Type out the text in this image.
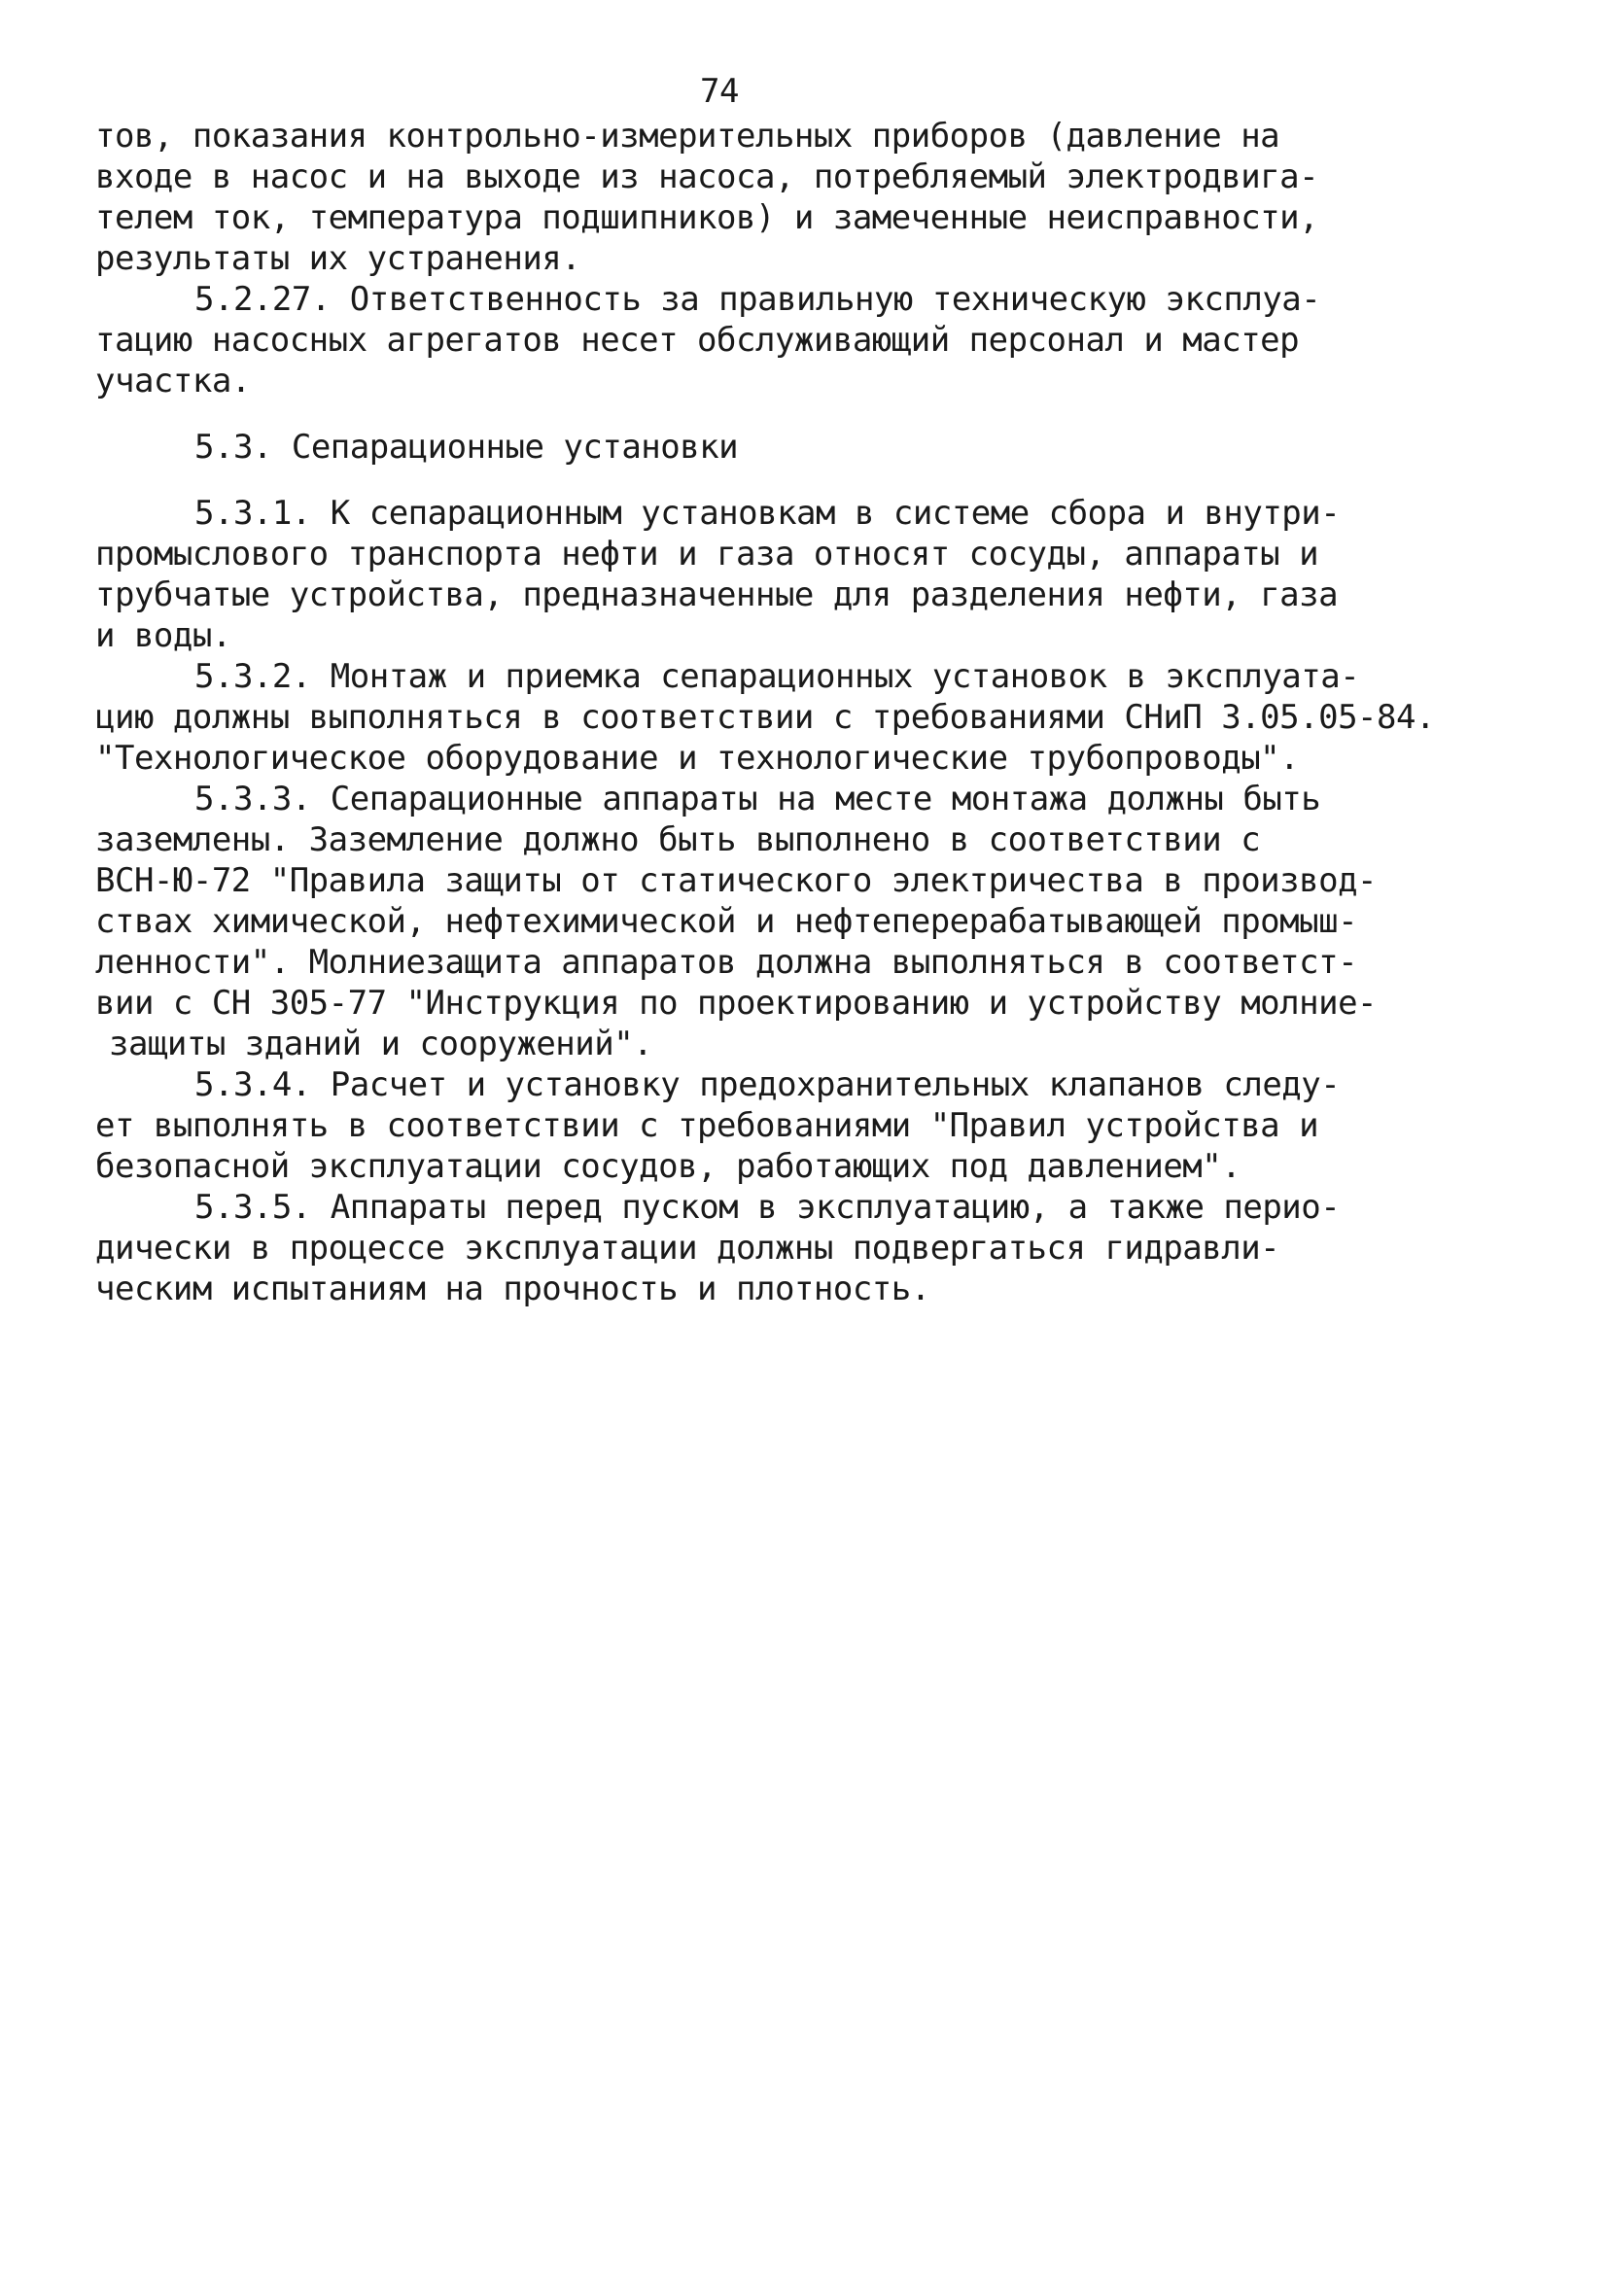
74
тов, показания контрольно-измерительных приборов (давление на
входе в насос и на выходе из насоса, потребляемый электродвига-
телем ток, температура подшипников) и замеченные неисправности,
результаты их устранения.
5.2.27. Ответственность за правильную техническую эксплуа-
тацию насосных агрегатов несет обслуживающий персонал и мастер
участка.
5.3. Сепарационные установки
5.3.1. К сепарационным установкам в системе сбора и внутри-
промыслового транспорта нефти и газа относят сосуды, аппараты и
трубчатые устройства, предназначенные для разделения нефти, газа
и воды.
5.3.2. Монтаж и приемка сепарационных установок в эксплуата-
цию должны выполняться в соответствии с требованиями СНиП 3.05.05-84.
"Технологическое оборудование и технологические трубопроводы".
5.3.3. Сепарационные аппараты на месте монтажа должны быть
заземлены. Заземление должно быть выполнено в соответствии с
ВСН-Ю-72 "Правила защиты от статического электричества в производ-
ствах химической, нефтехимической и нефтеперерабатывающей промыш-
ленности". Молниезащита аппаратов должна выполняться в соответст-
вии с СН 305-77 "Инструкция по проектированию и устройству молние-
защиты зданий и сооружений".
5.3.4. Расчет и установку предохранительных клапанов следу-
ет выполнять в соответствии с требованиями "Правил устройства и
безопасной эксплуатации сосудов, работающих под давлением".
5.3.5. Аппараты перед пуском в эксплуатацию, а также перио-
дически в процессе эксплуатации должны подвергаться гидравли-
ческим испытаниям на прочность и плотность.
